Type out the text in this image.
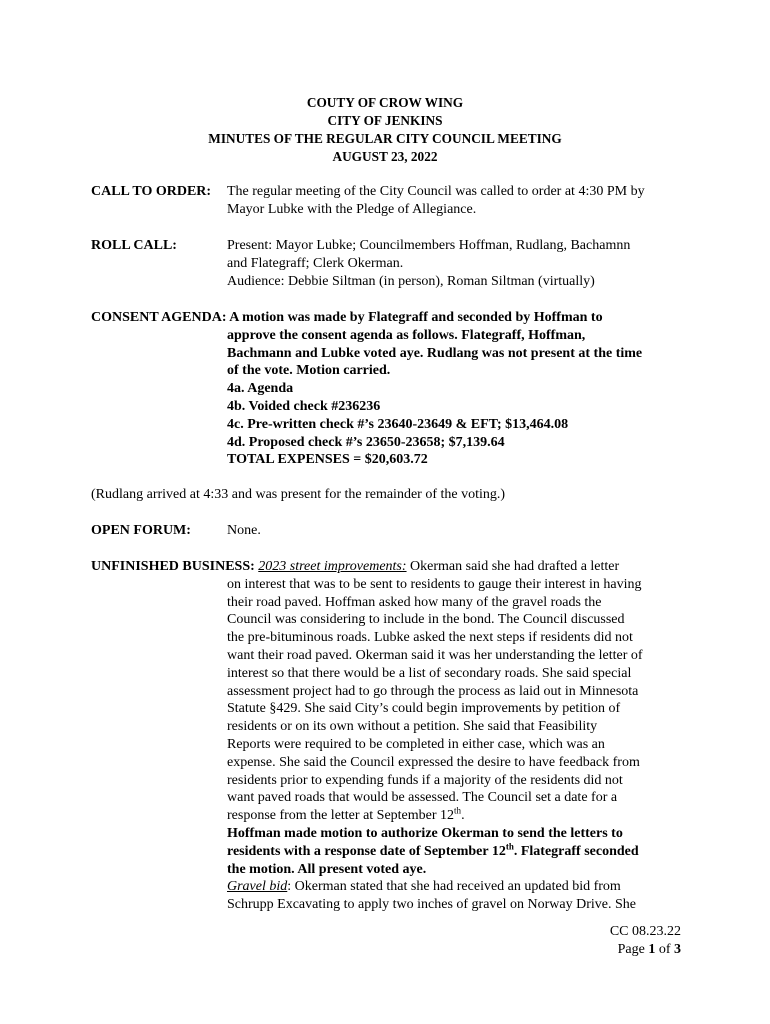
COUTY OF CROW WING
CITY OF JENKINS
MINUTES OF THE REGULAR CITY COUNCIL MEETING
AUGUST 23, 2022
CALL TO ORDER: The regular meeting of the City Council was called to order at 4:30 PM by
Mayor Lubke with the Pledge of Allegiance.
ROLL CALL:	Present: Mayor Lubke; Councilmembers Hoffman, Rudlang, Bachamnn
and Flategraff; Clerk Okerman.
Audience: Debbie Siltman (in person), Roman Siltman (virtually)
CONSENT AGENDA: A motion was made by Flategraff and seconded by Hoffman to
approve the consent agenda as follows. Flategraff, Hoffman,
Bachmann and Lubke voted aye. Rudlang was not present at the time
of the vote. Motion carried.
4a. Agenda
4b. Voided check #236236
4c. Pre-written check #’s 23640-23649 & EFT; $13,464.08
4d. Proposed check #’s 23650-23658; $7,139.64
TOTAL EXPENSES = $20,603.72
(Rudlang arrived at 4:33 and was present for the remainder of the voting.)
OPEN FORUM:	None.
UNFINISHED BUSINESS: 2023 street improvements: Okerman said she had drafted a letter
on interest that was to be sent to residents to gauge their interest in having
their road paved. Hoffman asked how many of the gravel roads the
Council was considering to include in the bond. The Council discussed
the pre-bituminous roads. Lubke asked the next steps if residents did not
want their road paved. Okerman said it was her understanding the letter of
interest so that there would be a list of secondary roads. She said special
assessment project had to go through the process as laid out in Minnesota
Statute §429. She said City’s could begin improvements by petition of
residents or on its own without a petition. She said that Feasibility
Reports were required to be completed in either case, which was an
expense. She said the Council expressed the desire to have feedback from
residents prior to expending funds if a majority of the residents did not
want paved roads that would be assessed. The Council set a date for a
response from the letter at September 12th.
Hoffman made motion to authorize Okerman to send the letters to
residents with a response date of September 12th. Flategraff seconded
the motion. All present voted aye.
Gravel bid: Okerman stated that she had received an updated bid from
Schrupp Excavating to apply two inches of gravel on Norway Drive. She
CC 08.23.22
Page 1 of 3
